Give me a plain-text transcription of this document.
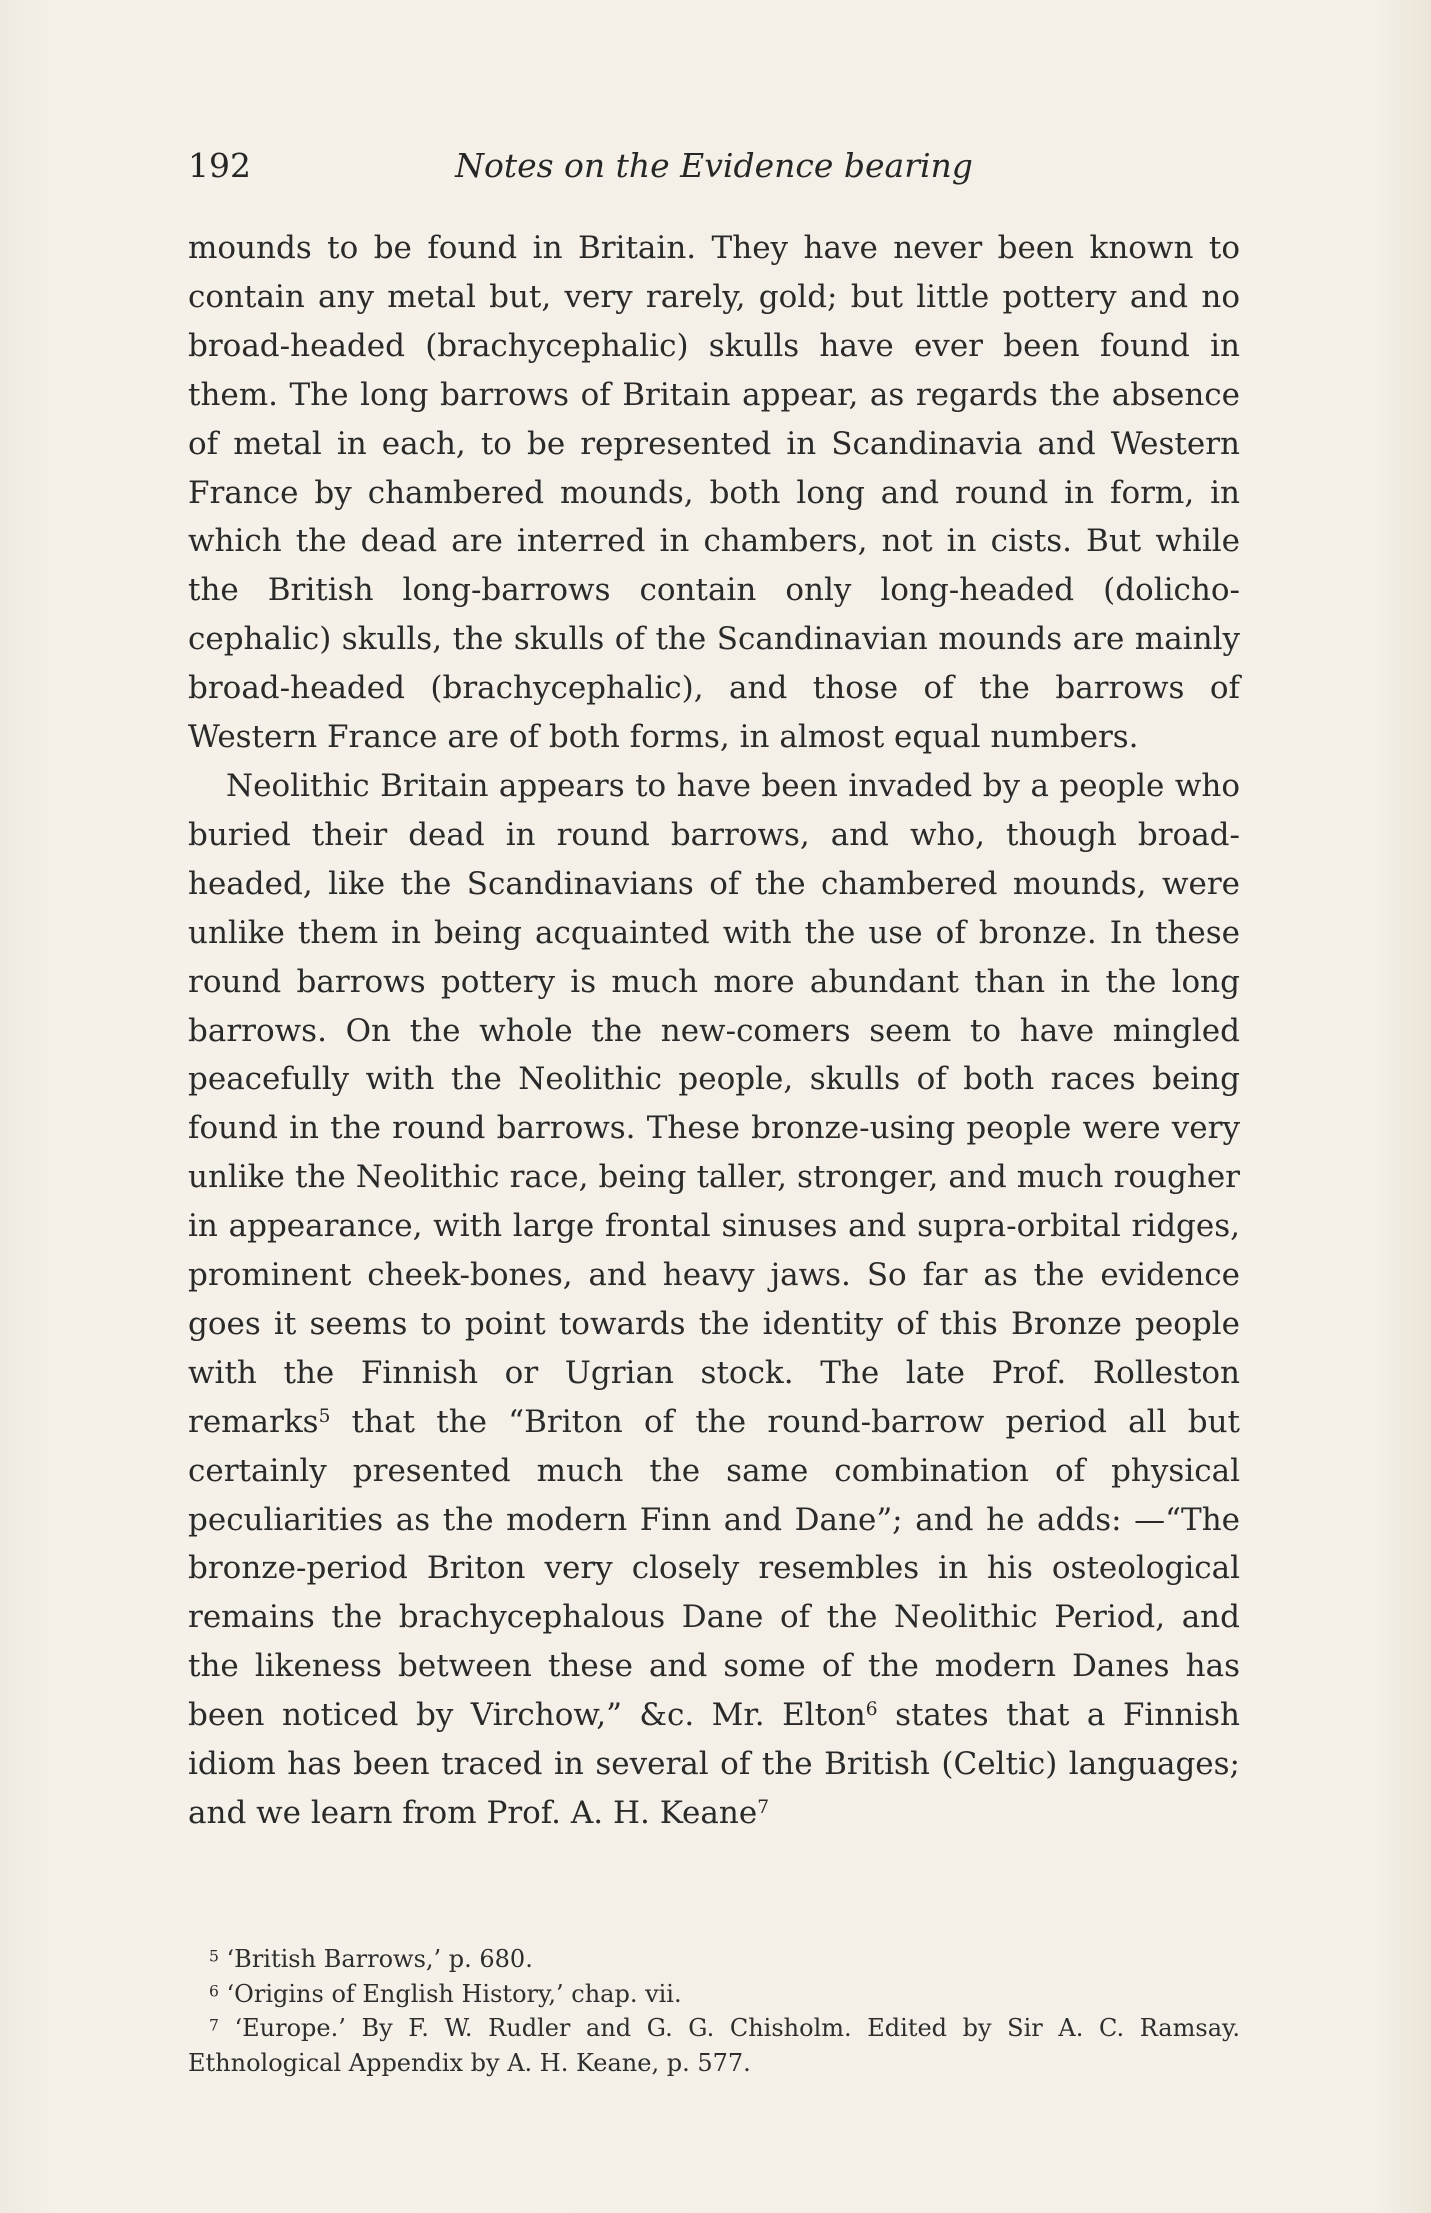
192	Notes on the Evidence bearing

mounds to be found in Britain. They have never been known to contain any metal but, very rarely, gold; but little pottery and no broad-headed (brachycephalic) skulls have ever been found in them. The long barrows of Britain appear, as regards the absence of metal in each, to be represented in Scandinavia and Western France by chambered mounds, both long and round in form, in which the dead are interred in chambers, not in cists. But while the British long-barrows contain only long-headed (dolicho-cephalic) skulls, the skulls of the Scandinavian mounds are mainly broad-headed (brachycephalic), and those of the barrows of Western France are of both forms, in almost equal numbers.

Neolithic Britain appears to have been invaded by a people who buried their dead in round barrows, and who, though broad-headed, like the Scandinavians of the chambered mounds, were unlike them in being acquainted with the use of bronze. In these round barrows pottery is much more abundant than in the long barrows. On the whole the new-comers seem to have mingled peacefully with the Neolithic people, skulls of both races being found in the round barrows. These bronze-using people were very unlike the Neolithic race, being taller, stronger, and much rougher in appearance, with large frontal sinuses and supra-orbital ridges, prominent cheek-bones, and heavy jaws. So far as the evidence goes it seems to point towards the identity of this Bronze people with the Finnish or Ugrian stock. The late Prof. Rolleston remarks$^5$ that the “Briton of the round-barrow period all but certainly presented much the same combination of physical peculiarities as the modern Finn and Dane”; and he adds: —“The bronze-period Briton very closely resembles in his osteological remains the brachycephalous Dane of the Neolithic Period, and the likeness between these and some of the modern Danes has been noticed by Virchow,” &c. Mr. Elton$^6$ states that a Finnish idiom has been traced in several of the British (Celtic) languages; and we learn from Prof. A. H. Keane$^7$

$^5$ ‘British Barrows,’ p. 680.

$^6$ ‘Origins of English History,’ chap. vii.

$^7$ ‘Europe.’ By F. W. Rudler and G. G. Chisholm. Edited by Sir A. C. Ramsay. Ethnological Appendix by A. H. Keane, p. 577.
